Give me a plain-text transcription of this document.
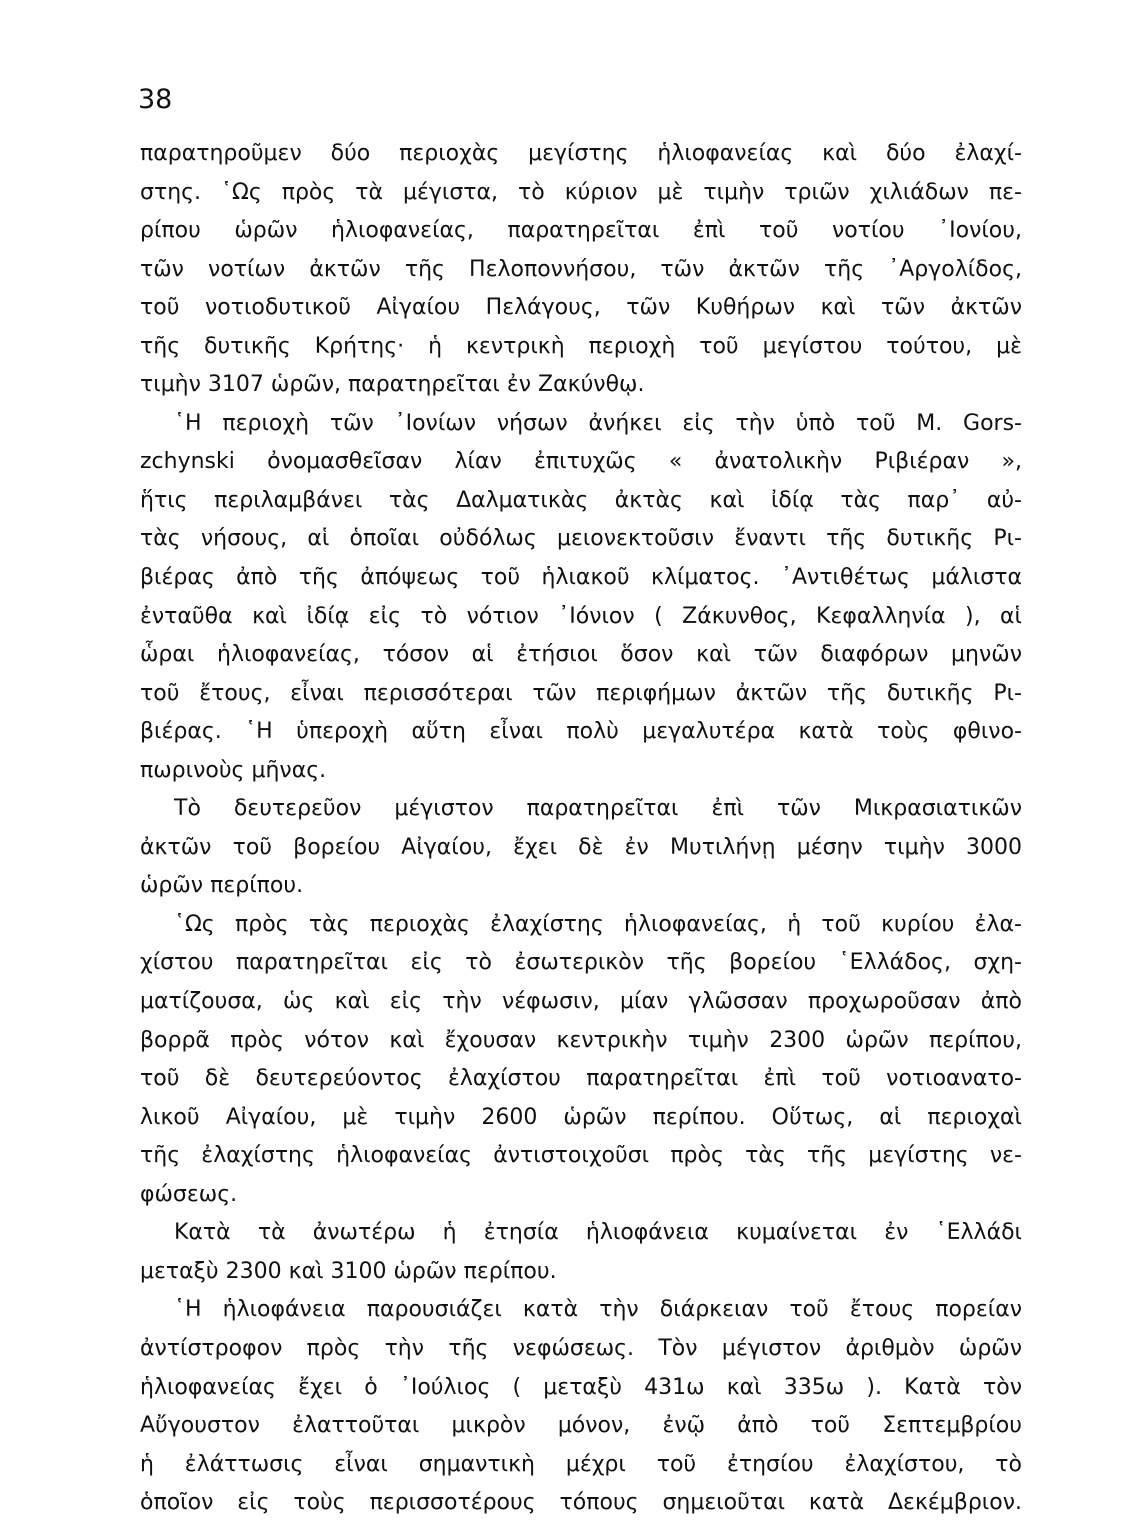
38
παρατηροῦμεν δύο περιοχὰς μεγίστης ἡλιοφανείας καὶ δύο ἐλαχί-
στης. ῾Ως πρὸς τὰ μέγιστα, τὸ κύριον μὲ τιμὴν τριῶν χιλιάδων πε-
ρίπου ὡρῶν ἡλιοφανείας, παρατηρεῖται ἐπὶ τοῦ νοτίου ᾿Ιονίου,
τῶν νοτίων ἀκτῶν τῆς Πελοποννήσου, τῶν ἀκτῶν τῆς ᾿Αργολίδος,
τοῦ νοτιοδυτικοῦ Αἰγαίου Πελάγους, τῶν Κυθήρων καὶ τῶν ἀκτῶν
τῆς δυτικῆς Κρήτης· ἡ κεντρικὴ περιοχὴ τοῦ μεγίστου τούτου, μὲ
τιμὴν 3107 ὡρῶν, παρατηρεῖται ἐν Ζακύνθῳ.
῾Η περιοχὴ τῶν ᾿Ιονίων νήσων ἀνήκει εἰς τὴν ὑπὸ τοῦ M. Gors-
zchynski ὀνομασθεῖσαν λίαν ἐπιτυχῶς « ἀνατολικὴν Ριβιέραν »,
ἥτις περιλαμβάνει τὰς Δαλματικὰς ἀκτὰς καὶ ἰδίᾳ τὰς παρ᾿ αὐ-
τὰς νήσους, αἱ ὁποῖαι οὐδόλως μειονεκτοῦσιν ἔναντι τῆς δυτικῆς Ρι-
βιέρας ἀπὸ τῆς ἀπόψεως τοῦ ἡλιακοῦ κλίματος. ᾿Αντιθέτως μάλιστα
ἐνταῦθα καὶ ἰδίᾳ εἰς τὸ νότιον ᾿Ιόνιον ( Ζάκυνθος, Κεφαλληνία ), αἱ
ὧραι ἡλιοφανείας, τόσον αἱ ἐτήσιοι ὅσον καὶ τῶν διαφόρων μηνῶν
τοῦ ἔτους, εἶναι περισσότεραι τῶν περιφήμων ἀκτῶν τῆς δυτικῆς Ρι-
βιέρας. ῾Η ὑπεροχὴ αὕτη εἶναι πολὺ μεγαλυτέρα κατὰ τοὺς φθινο-
πωρινοὺς μῆνας.
Τὸ δευτερεῦον μέγιστον παρατηρεῖται ἐπὶ τῶν Μικρασιατικῶν
ἀκτῶν τοῦ βορείου Αἰγαίου, ἔχει δὲ ἐν Μυτιλήνῃ μέσην τιμὴν 3000
ὡρῶν περίπου.
῾Ως πρὸς τὰς περιοχὰς ἐλαχίστης ἡλιοφανείας, ἡ τοῦ κυρίου ἐλα-
χίστου παρατηρεῖται εἰς τὸ ἐσωτερικὸν τῆς βορείου ῾Ελλάδος, σχη-
ματίζουσα, ὡς καὶ εἰς τὴν νέφωσιν, μίαν γλῶσσαν προχωροῦσαν ἀπὸ
βορρᾶ πρὸς νότον καὶ ἔχουσαν κεντρικὴν τιμὴν 2300 ὡρῶν περίπου,
τοῦ δὲ δευτερεύοντος ἐλαχίστου παρατηρεῖται ἐπὶ τοῦ νοτιοανατο-
λικοῦ Αἰγαίου, μὲ τιμὴν 2600 ὡρῶν περίπου. Οὕτως, αἱ περιοχαὶ
τῆς ἐλαχίστης ἡλιοφανείας ἀντιστοιχοῦσι πρὸς τὰς τῆς μεγίστης νε-
φώσεως.
Κατὰ τὰ ἀνωτέρω ἡ ἐτησία ἡλιοφάνεια κυμαίνεται ἐν ῾Ελλάδι
μεταξὺ 2300 καὶ 3100 ὡρῶν περίπου.
῾Η ἡλιοφάνεια παρουσιάζει κατὰ τὴν διάρκειαν τοῦ ἔτους πορείαν
ἀντίστροφον πρὸς τὴν τῆς νεφώσεως. Τὸν μέγιστον ἀριθμὸν ὡρῶν
ἡλιοφανείας ἔχει ὁ ᾿Ιούλιος ( μεταξὺ 431ω καὶ 335ω ). Κατὰ τὸν
Αὔγουστον ἐλαττοῦται μικρὸν μόνον, ἐνῷ ἀπὸ τοῦ Σεπτεμβρίου
ἡ ἐλάττωσις εἶναι σημαντικὴ μέχρι τοῦ ἐτησίου ἐλαχίστου, τὸ
ὁποῖον εἰς τοὺς περισσοτέρους τόπους σημειοῦται κατὰ Δεκέμβριον.
